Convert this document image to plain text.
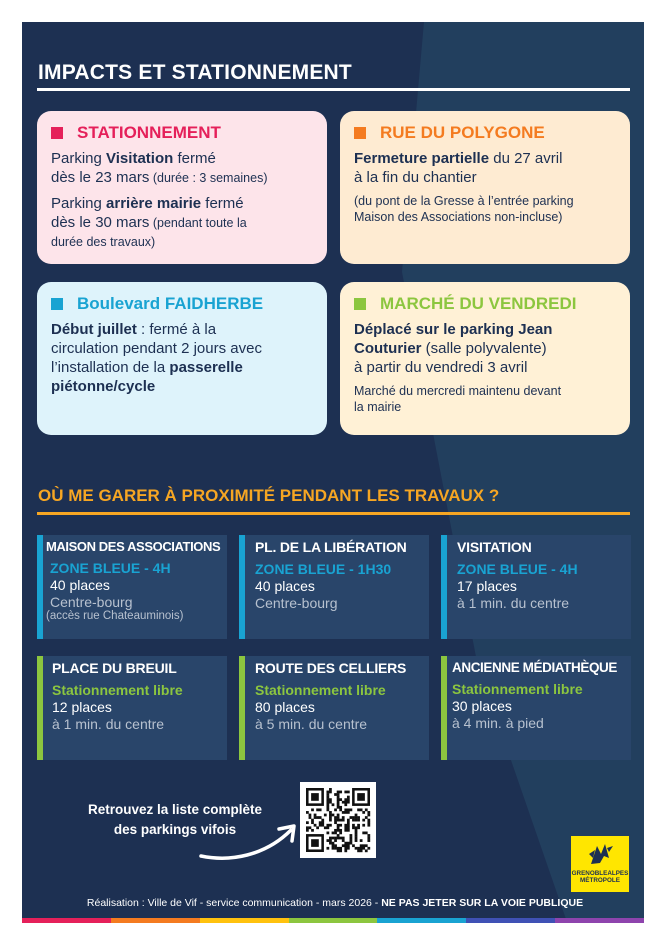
IMPACTS ET STATIONNEMENT
STATIONNEMENT
Parking Visitation fermé
dès le 23 mars (durée : 3 semaines)
Parking arrière mairie fermé
dès le 30 mars (pendant toute la
durée des travaux)
RUE DU POLYGONE
Fermeture partielle du 27 avril
à la fin du chantier
(du pont de la Gresse à l’entrée parking
Maison des Associations non-incluse)
Boulevard FAIDHERBE
Début juillet : fermé à la
circulation pendant 2 jours avec
l’installation de la passerelle
piétonne/cycle
MARCHÉ DU VENDREDI
Déplacé sur le parking Jean
Couturier (salle polyvalente)
à partir du vendredi 3 avril
Marché du mercredi maintenu devant
la mairie
OÙ ME GARER À PROXIMITÉ PENDANT LES TRAVAUX ?
MAISON DES ASSOCIATIONS
ZONE BLEUE - 4H
40 places
Centre-bourg
(accès rue Chateauminois)
PL. DE LA LIBÉRATION
ZONE BLEUE - 1H30
40 places
Centre-bourg
VISITATION
ZONE BLEUE - 4H
17 places
à 1 min. du centre
PLACE DU BREUIL
Stationnement libre
12 places
à 1 min. du centre
ROUTE DES CELLIERS
Stationnement libre
80 places
à 5 min. du centre
ANCIENNE MÉDIATHÈQUE
Stationnement libre
30 places
à 4 min. à pied
Retrouvez la liste complète
des parkings vifois
GRENOBLEALPES
MÉTROPOLE
Réalisation : Ville de Vif - service communication - mars 2026 - NE PAS JETER SUR LA VOIE PUBLIQUE
